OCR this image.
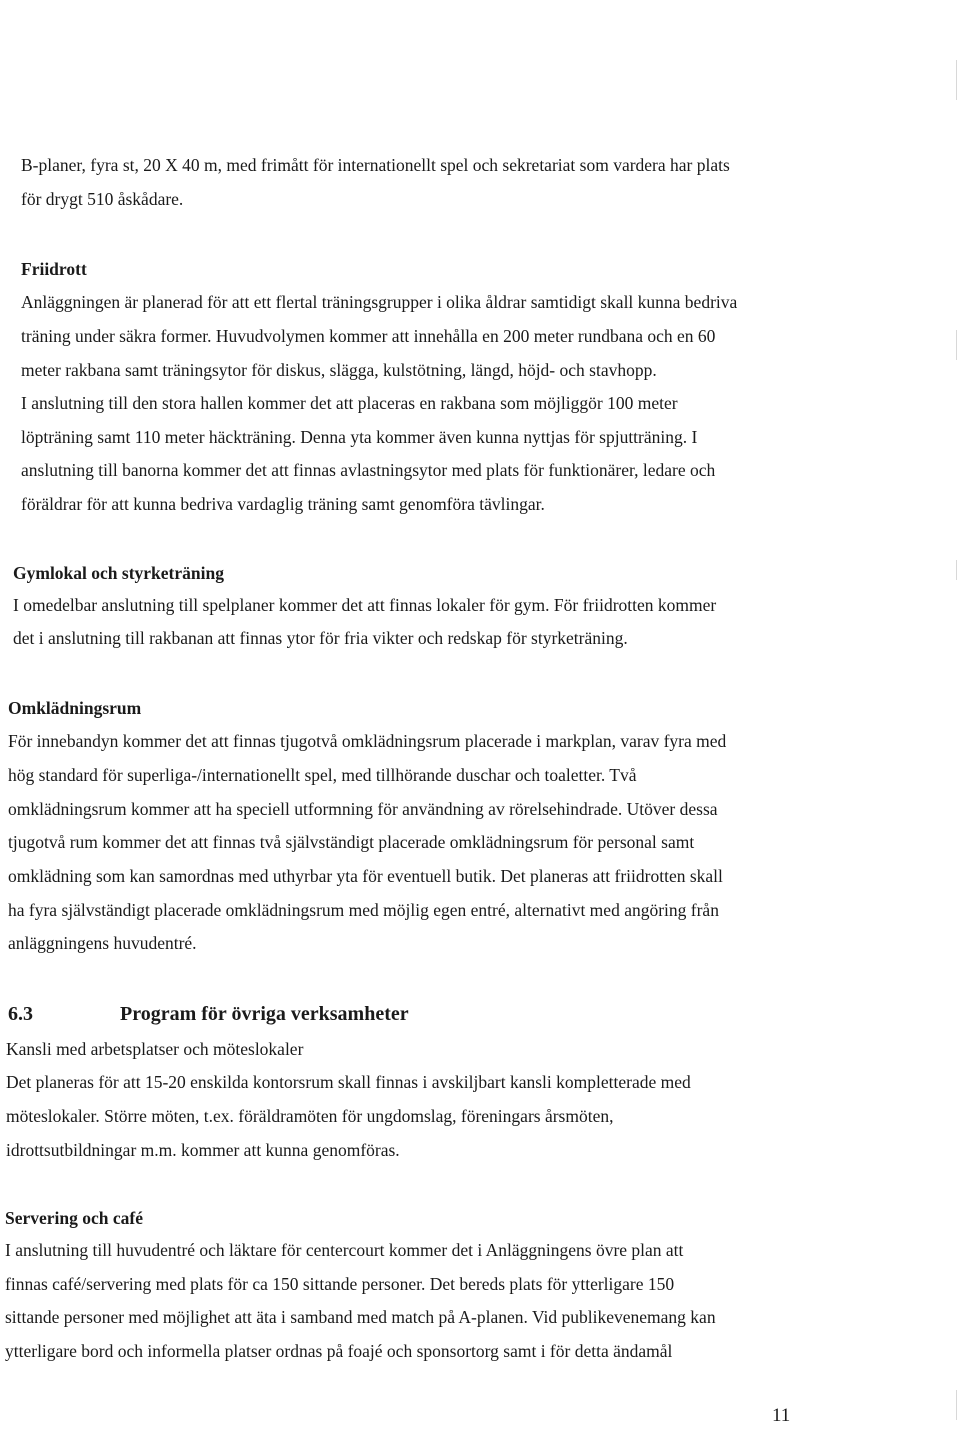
B-planer, fyra st, 20 X 40 m, med frimått för internationellt spel och sekretariat som vardera har plats
för drygt 510 åskådare.
Friidrott
Anläggningen är planerad för att ett flertal träningsgrupper i olika åldrar samtidigt skall kunna bedriva
träning under säkra former. Huvudvolymen kommer att innehålla en 200 meter rundbana och en 60
meter rakbana samt träningsytor för diskus, slägga, kulstötning, längd, höjd- och stavhopp.
I anslutning till den stora hallen kommer det att placeras en rakbana som möjliggör 100 meter
löpträning samt 110 meter häckträning. Denna yta kommer även kunna nyttjas för spjutträning. I
anslutning till banorna kommer det att finnas avlastningsytor med plats för funktionärer, ledare och
föräldrar för att kunna bedriva vardaglig träning samt genomföra tävlingar.
Gymlokal och styrketräning
I omedelbar anslutning till spelplaner kommer det att finnas lokaler för gym. För friidrotten kommer
det i anslutning till rakbanan att finnas ytor för fria vikter och redskap för styrketräning.
Omklädningsrum
För innebandyn kommer det att finnas tjugotvå omklädningsrum placerade i markplan, varav fyra med
hög standard för superliga-/internationellt spel, med tillhörande duschar och toaletter. Två
omklädningsrum kommer att ha speciell utformning för användning av rörelsehindrade. Utöver dessa
tjugotvå rum kommer det att finnas två självständigt placerade omklädningsrum för personal samt
omklädning som kan samordnas med uthyrbar yta för eventuell butik. Det planeras att friidrotten skall
ha fyra självständigt placerade omklädningsrum med möjlig egen entré, alternativt med angöring från
anläggningens huvudentré.
6.3	Program för övriga verksamheter
Kansli med arbetsplatser och möteslokaler
Det planeras för att 15-20 enskilda kontorsrum skall finnas i avskiljbart kansli kompletterade med
möteslokaler. Större möten, t.ex. föräldramöten för ungdomslag, föreningars årsmöten,
idrottsutbildningar m.m. kommer att kunna genomföras.
Servering och café
I anslutning till huvudentré och läktare för centercourt kommer det i Anläggningens övre plan att
finnas café/servering med plats för ca 150 sittande personer. Det bereds plats för ytterligare 150
sittande personer med möjlighet att äta i samband med match på A-planen. Vid publikevenemang kan
ytterligare bord och informella platser ordnas på foajé och sponsortorg samt i för detta ändamål
11
